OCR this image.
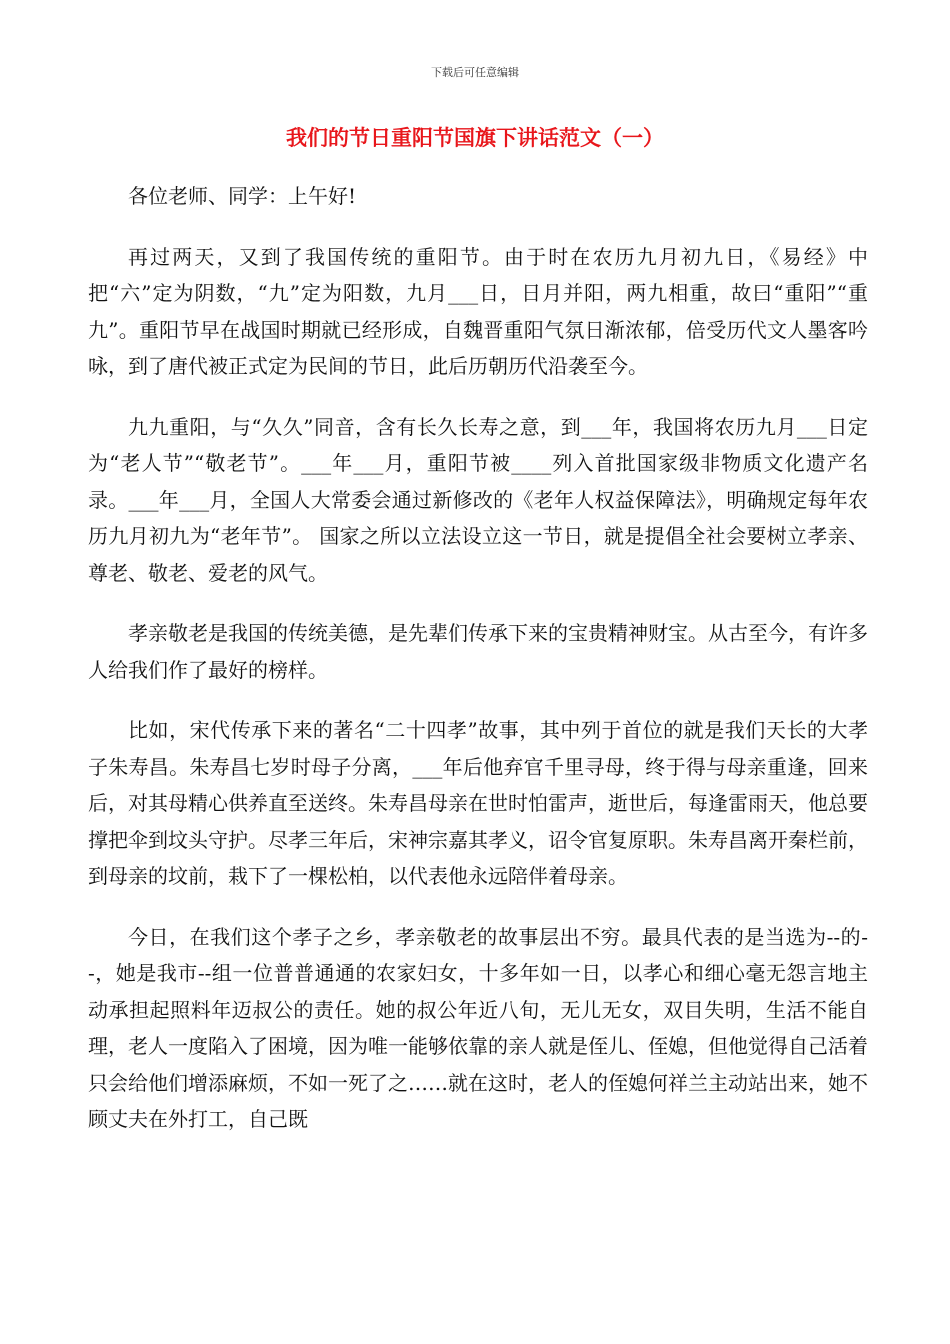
下载后可任意编辑
我们的节日重阳节国旗下讲话范文（一）

各位老师、同学：上午好!

再过两天，又到了我国传统的重阳节。由于时在农历九月初九日，《易经》中把“六”定为阴数，“九”定为阳数，九月___日，日月并阳，两九相重，故曰“重阳”“重九”。重阳节早在战国时期就已经形成，自魏晋重阳气氛日渐浓郁，倍受历代文人墨客吟咏，到了唐代被正式定为民间的节日，此后历朝历代沿袭至今。

九九重阳，与“久久”同音，含有长久长寿之意，到___年，我国将农历九月___日定为“老人节”“敬老节”。___年___月，重阳节被____列入首批国家级非物质文化遗产名录。___年___月，全国人大常委会通过新修改的《老年人权益保障法》，明确规定每年农历九月初九为“老年节”。 国家之所以立法设立这一节日，就是提倡全社会要树立孝亲、尊老、敬老、爱老的风气。

孝亲敬老是我国的传统美德，是先辈们传承下来的宝贵精神财宝。从古至今，有许多人给我们作了最好的榜样。

比如，宋代传承下来的著名“二十四孝”故事，其中列于首位的就是我们天长的大孝子朱寿昌。朱寿昌七岁时母子分离，___年后他弃官千里寻母，终于得与母亲重逢，回来后，对其母精心供养直至送终。朱寿昌母亲在世时怕雷声，逝世后，每逢雷雨天，他总要撑把伞到坟头守护。尽孝三年后，宋神宗嘉其孝义，诏令官复原职。朱寿昌离开秦栏前，到母亲的坟前，栽下了一棵松柏，以代表他永远陪伴着母亲。

今日，在我们这个孝子之乡，孝亲敬老的故事层出不穷。最具代表的是当选为--的--，她是我市--组一位普普通通的农家妇女，十多年如一日，以孝心和细心毫无怨言地主动承担起照料年迈叔公的责任。她的叔公年近八旬，无儿无女，双目失明，生活不能自理，老人一度陷入了困境，因为唯一能够依靠的亲人就是侄儿、侄媳，但他觉得自己活着只会给他们增添麻烦，不如一死了之……就在这时，老人的侄媳何祥兰主动站出来，她不顾丈夫在外打工，自己既
